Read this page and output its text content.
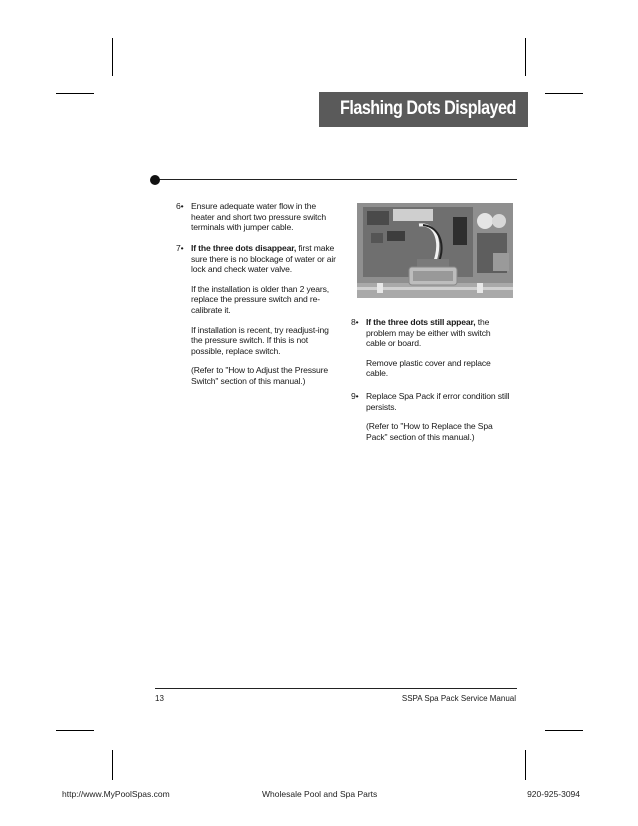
Flashing Dots Displayed
6• Ensure adequate water flow in the heater and short two pressure switch terminals with jumper cable.

7• If the three dots disappear, first make sure there is no blockage of water or air lock and check water valve.

If the installation is older than 2 years, replace the pressure switch and re-calibrate it.

If installation is recent, try readjust-ing the pressure switch. If this is not possible, replace switch.

(Refer to "How to Adjust the Pressure Switch" section of this manual.)

8• If the three dots still appear, the problem may be either with switch cable or board.

Remove plastic cover and replace cable.

9• Replace Spa Pack if error condition still persists.

(Refer to "How to Replace the Spa Pack" section of this manual.)

13	SSPA Spa Pack Service Manual
http://www.MyPoolSpas.com	Wholesale Pool and Spa Parts	920-925-3094
